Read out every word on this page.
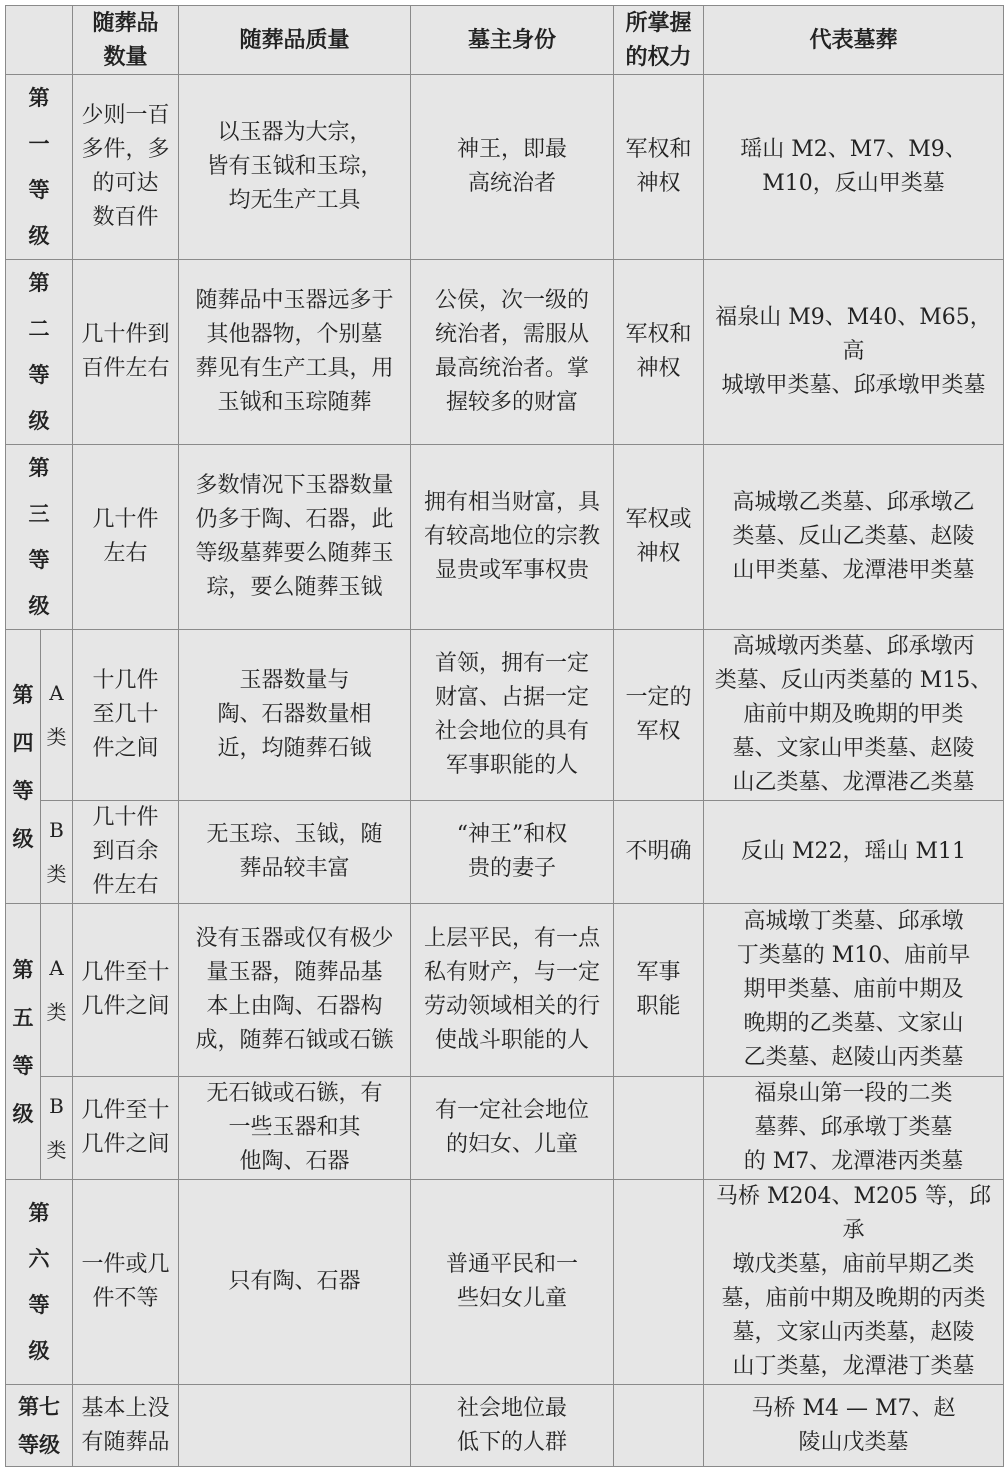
		随葬品
数量	随葬品质量	墓主身份	所掌握
的权力	代表墓葬
第
一
等
级		少则一百
多件，多
的可达
数百件	以玉器为大宗，
皆有玉钺和玉琮，
均无生产工具	神王，即最
高统治者	军权和
神权	瑶山 M2、M7、M9、
M10，反山甲类墓
第
二
等
级		几十件到
百件左右	随葬品中玉器远多于
其他器物，个别墓
葬见有生产工具，用
玉钺和玉琮随葬	公侯，次一级的
统治者，需服从
最高统治者。掌
握较多的财富	军权和
神权	福泉山 M9、M40、M65，高
城墩甲类墓、邱承墩甲类墓
第
三
等
级		几十件
左右	多数情况下玉器数量
仍多于陶、石器，此
等级墓葬要么随葬玉
琮，要么随葬玉钺	拥有相当财富，具
有较高地位的宗教
显贵或军事权贵	军权或
神权	高城墩乙类墓、邱承墩乙
类墓、反山乙类墓、赵陵
山甲类墓、龙潭港甲类墓
第
四
等
级	A
类	十几件
至几十
件之间	玉器数量与
陶、石器数量相
近，均随葬石钺	首领，拥有一定
财富、占据一定
社会地位的具有
军事职能的人	一定的
军权	高城墩丙类墓、邱承墩丙
类墓、反山丙类墓的 M15、
庙前中期及晚期的甲类
墓、文家山甲类墓、赵陵
山乙类墓、龙潭港乙类墓
	B
类	几十件
到百余
件左右	无玉琮、玉钺，随
葬品较丰富	“神王”和权
贵的妻子	不明确	反山 M22，瑶山 M11
第
五
等
级	A
类	几件至十
几件之间	没有玉器或仅有极少
量玉器，随葬品基
本上由陶、石器构
成，随葬石钺或石镞	上层平民，有一点
私有财产，与一定
劳动领域相关的行
使战斗职能的人	军事
职能	高城墩丁类墓、邱承墩
丁类墓的 M10、庙前早
期甲类墓、庙前中期及
晚期的乙类墓、文家山
乙类墓、赵陵山丙类墓
	B
类	几件至十
几件之间	无石钺或石镞，有
一些玉器和其
他陶、石器	有一定社会地位
的妇女、儿童		福泉山第一段的二类
墓葬、邱承墩丁类墓
的 M7、龙潭港丙类墓
第
六
等
级		一件或几
件不等	只有陶、石器	普通平民和一
些妇女儿童		马桥 M204、M205 等，邱承
墩戊类墓，庙前早期乙类
墓，庙前中期及晚期的丙类
墓，文家山丙类墓，赵陵
山丁类墓，龙潭港丁类墓
第七
等级		基本上没
有随葬品		社会地位最
低下的人群		马桥 M4 — M7、赵
陵山戊类墓
